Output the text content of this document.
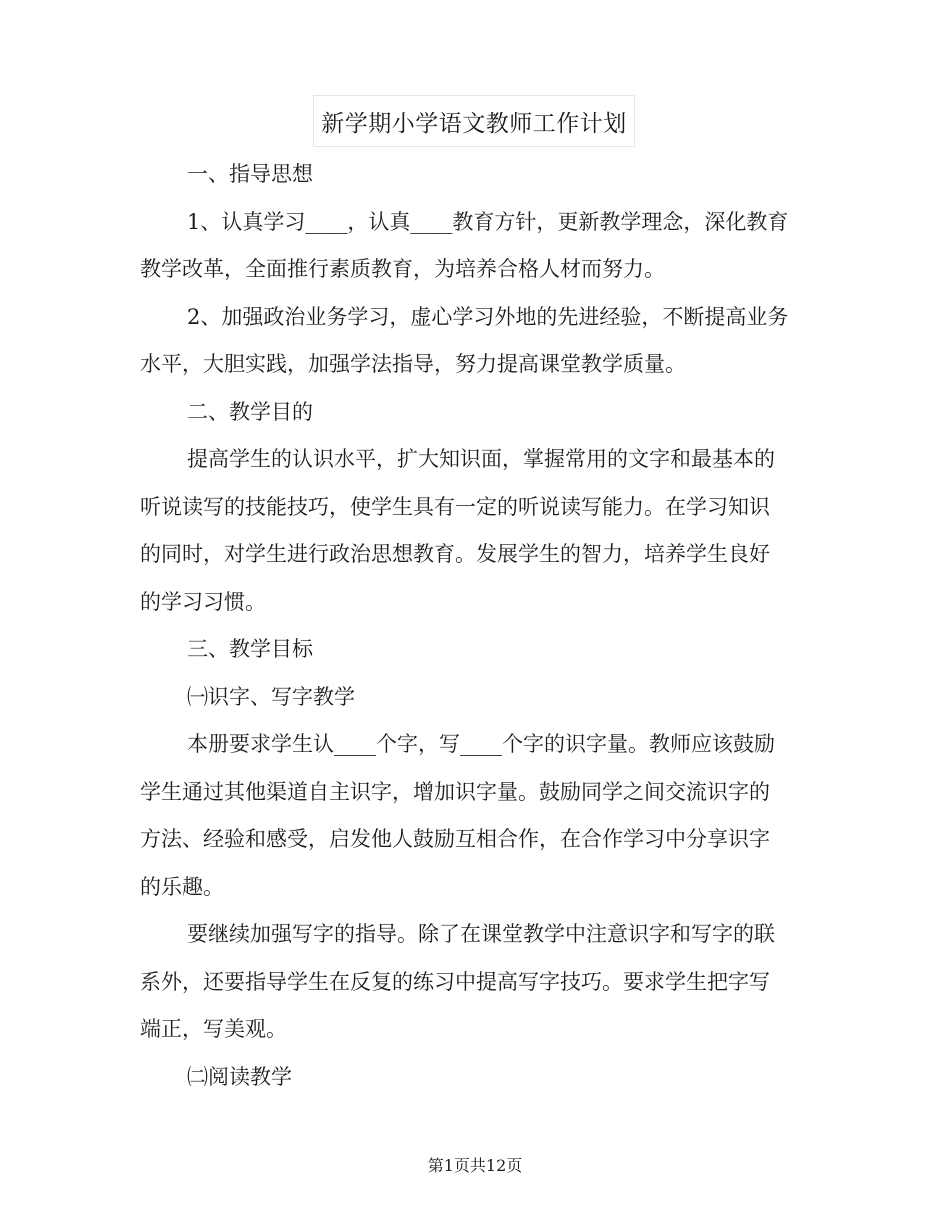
新学期小学语文教师工作计划

一、指导思想

1、认真学习____，认真____教育方针，更新教学理念，深化教育

教学改革，全面推行素质教育，为培养合格人材而努力。

2、加强政治业务学习，虚心学习外地的先进经验，不断提高业务

水平，大胆实践，加强学法指导，努力提高课堂教学质量。

二、教学目的

提高学生的认识水平，扩大知识面，掌握常用的文字和最基本的

听说读写的技能技巧，使学生具有一定的听说读写能力。在学习知识

的同时，对学生进行政治思想教育。发展学生的智力，培养学生良好

的学习习惯。

三、教学目标

㈠识字、写字教学

本册要求学生认____个字，写____个字的识字量。教师应该鼓励

学生通过其他渠道自主识字，增加识字量。鼓励同学之间交流识字的

方法、经验和感受，启发他人鼓励互相合作，在合作学习中分享识字

的乐趣。

要继续加强写字的指导。除了在课堂教学中注意识字和写字的联

系外，还要指导学生在反复的练习中提高写字技巧。要求学生把字写

端正，写美观。

㈡阅读教学

第1页共12页
